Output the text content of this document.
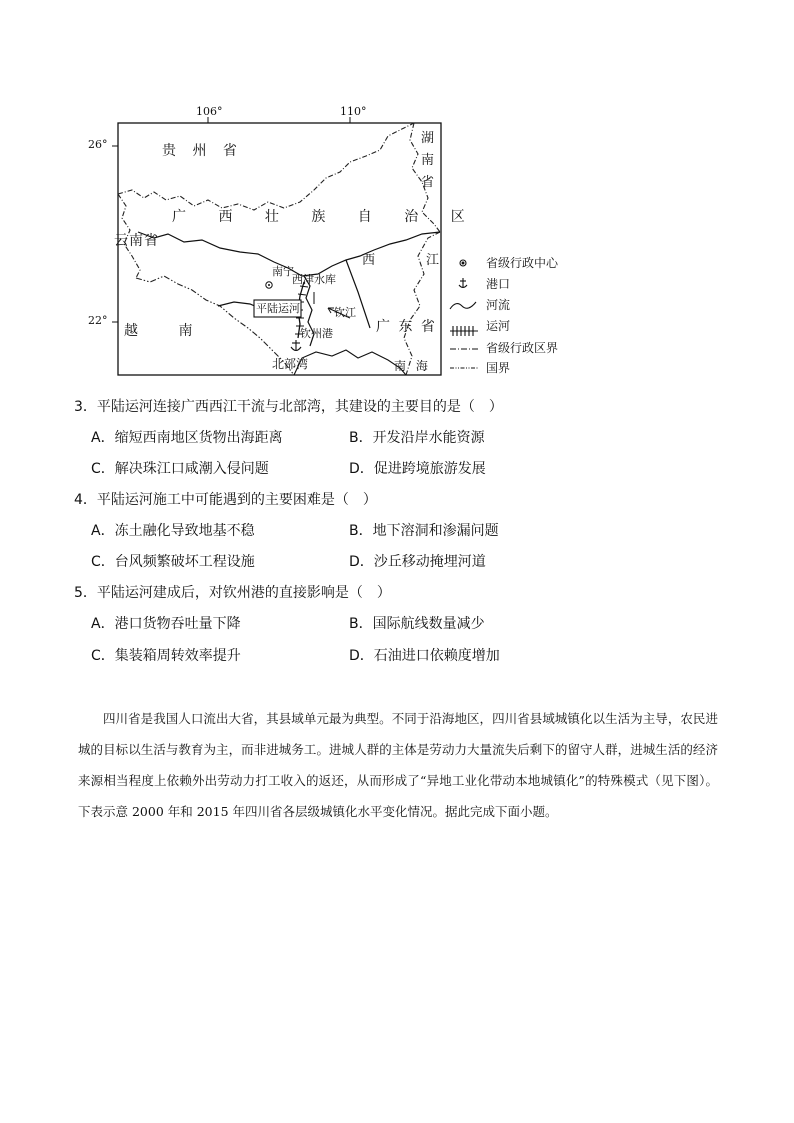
106°	110°
26°
22°
贵 州 省
湖南省
广 西 壮 族 自 治 区
云南省
西	江
南宁
西津水库
平陆运河	钦江
钦州港	广 东 省
越 南
北部湾	南 海
省级行政中心
港口
河流
运河
省级行政区界
国界
3．平陆运河连接广西西江干流与北部湾，其建设的主要目的是（　）
A．缩短西南地区货物出海距离	B．开发沿岸水能资源
C．解决珠江口咸潮入侵问题	D．促进跨境旅游发展
4．平陆运河施工中可能遇到的主要困难是（　）
A．冻土融化导致地基不稳	B．地下溶洞和渗漏问题
C．台风频繁破坏工程设施	D．沙丘移动掩埋河道
5．平陆运河建成后，对钦州港的直接影响是（　）
A．港口货物吞吐量下降	B．国际航线数量减少
C．集装箱周转效率提升	D．石油进口依赖度增加
四川省是我国人口流出大省，其县域单元最为典型。不同于沿海地区，四川省县域城镇化以生活为主导，农民进城的目标以生活与教育为主，而非进城务工。进城人群的主体是劳动力大量流失后剩下的留守人群，进城生活的经济来源相当程度上依赖外出劳动力打工收入的返还，从而形成了“异地工业化带动本地城镇化”的特殊模式（见下图）。下表示意 2000 年和 2015 年四川省各层级城镇化水平变化情况。据此完成下面小题。
